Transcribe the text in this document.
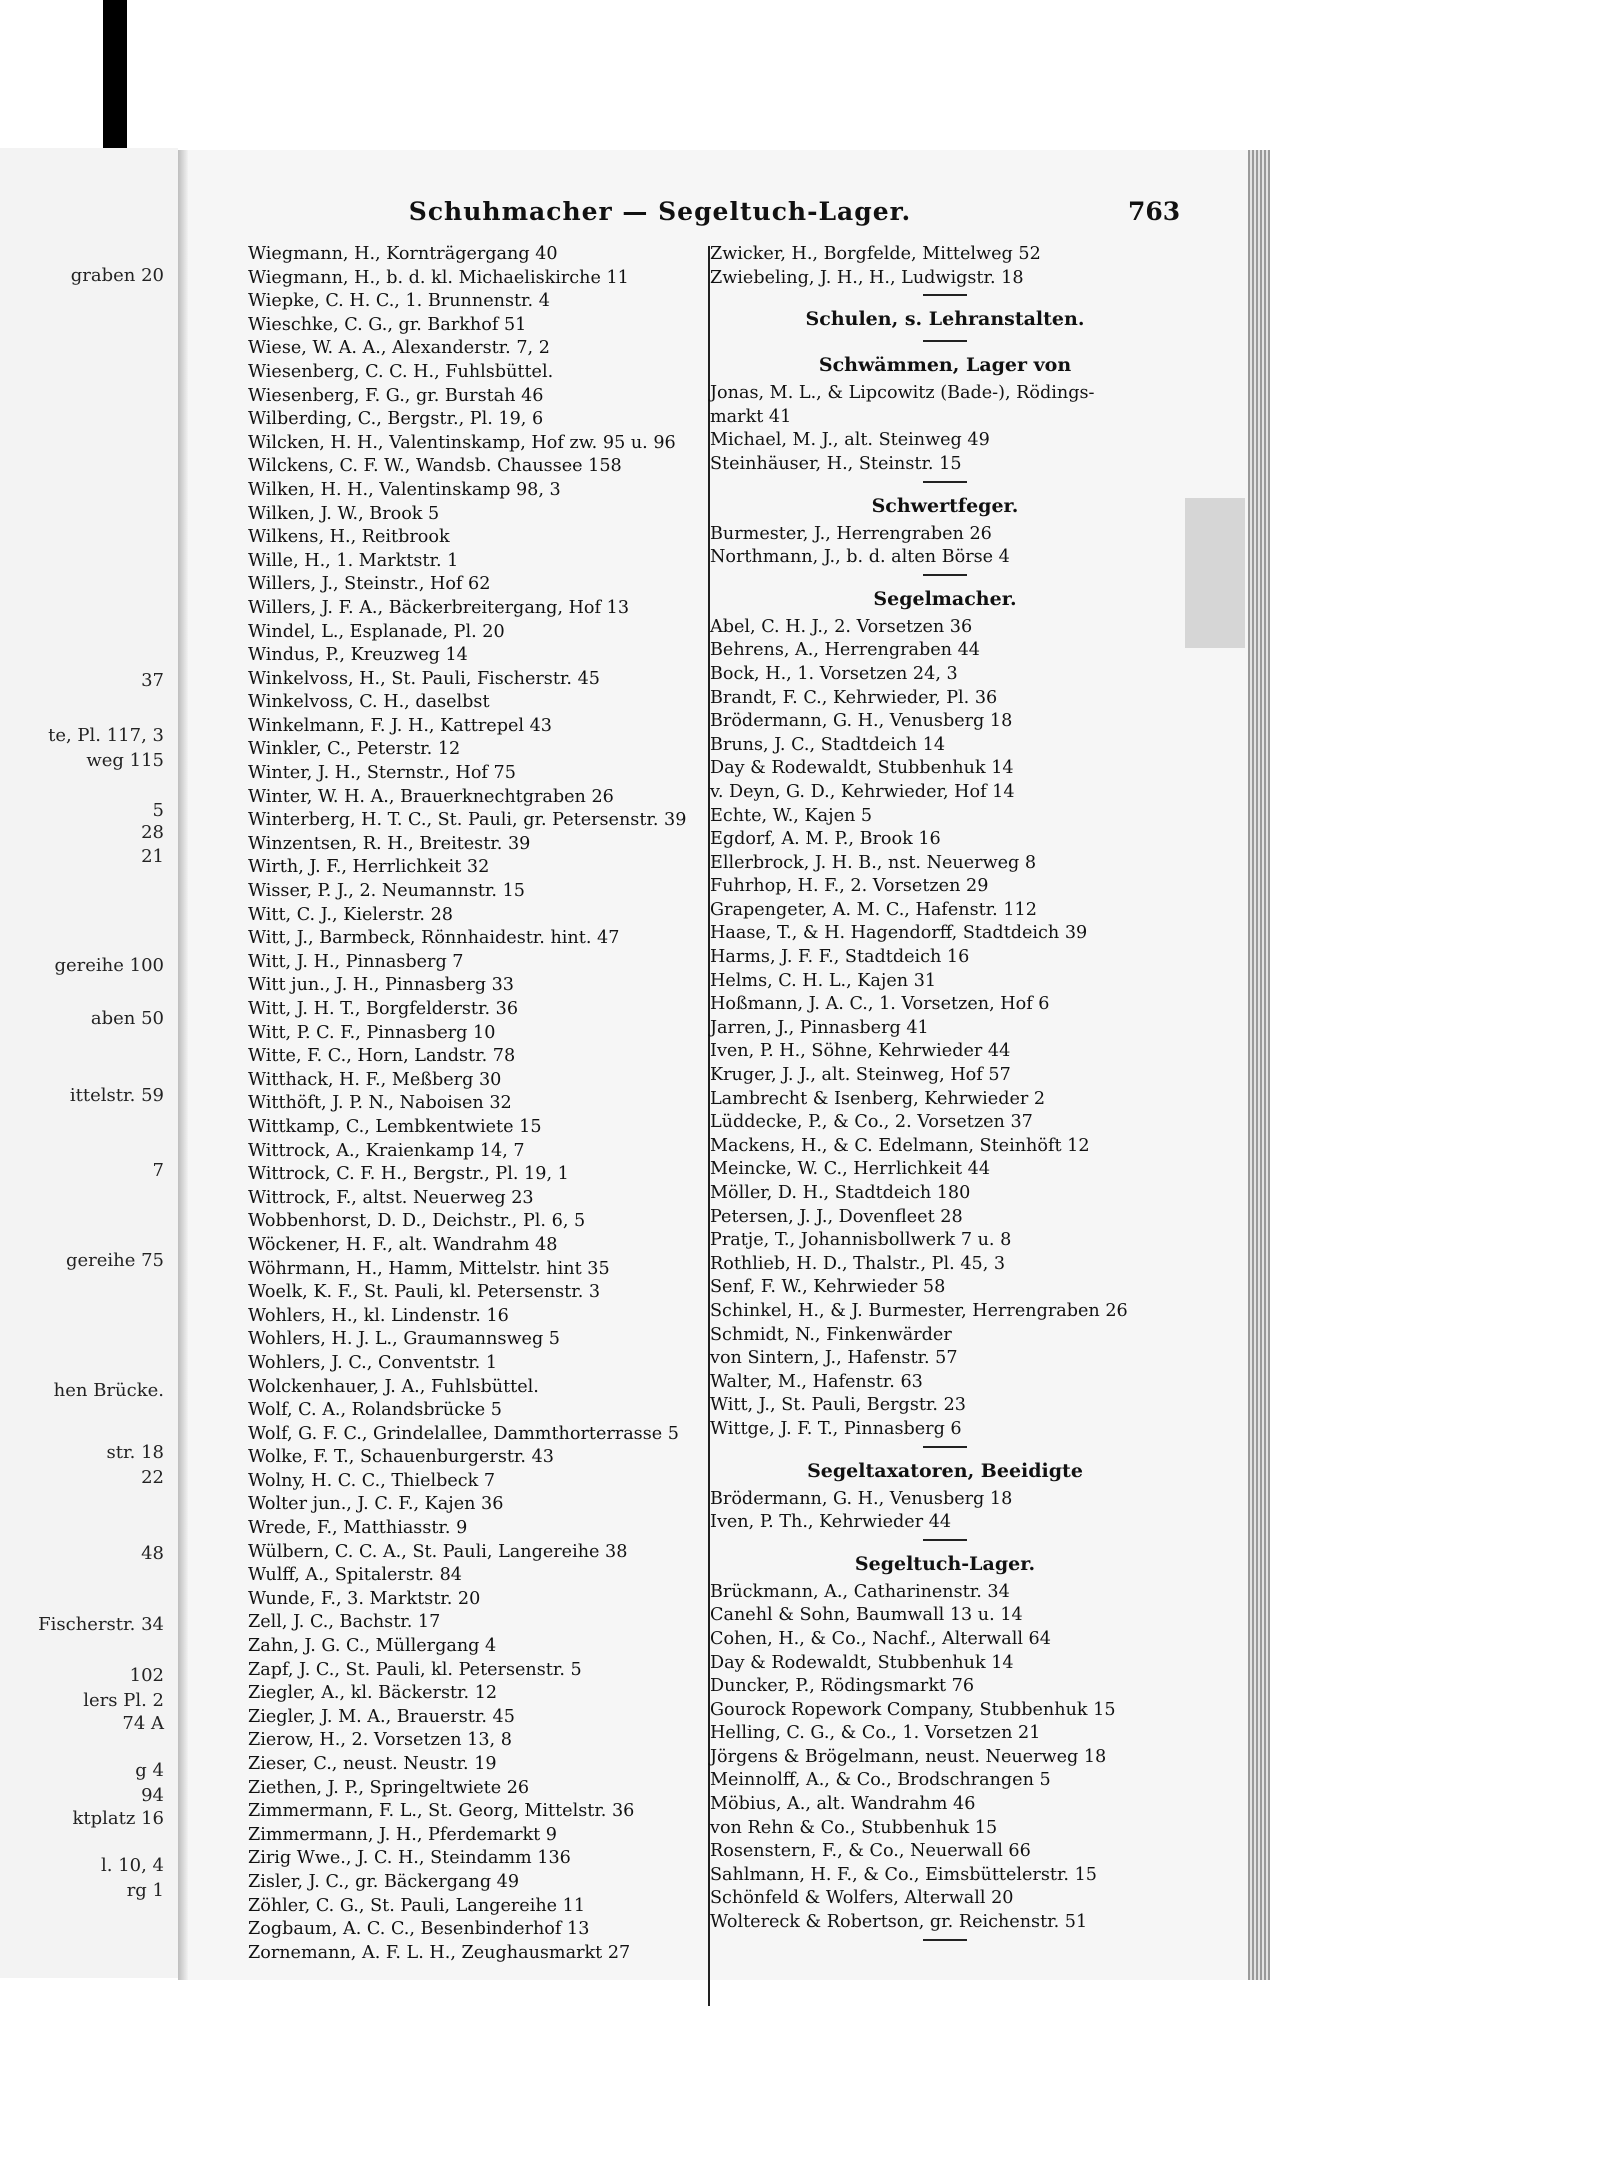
graben 20
37
te, Pl. 117, 3
weg 115
5
28
21
gereihe 100
aben 50
ittelstr. 59
7
gereihe 75
hen Brücke.
str. 18
22
48
Fischerstr. 34
102
lers Pl. 2
74 A
g 4
94
ktplatz 16
l. 10, 4
rg 1
Schuhmacher — Segeltuch-Lager.	763
Wiegmann, H., Kornträgergang 40
Wiegmann, H., b. d. kl. Michaeliskirche 11
Wiepke, C. H. C., 1. Brunnenstr. 4
Wieschke, C. G., gr. Barkhof 51
Wiese, W. A. A., Alexanderstr. 7, 2
Wiesenberg, C. C. H., Fuhlsbüttel.
Wiesenberg, F. G., gr. Burstah 46
Wilberding, C., Bergstr., Pl. 19, 6
Wilcken, H. H., Valentinskamp, Hof zw. 95 u. 96
Wilckens, C. F. W., Wandsb. Chaussee 158
Wilken, H. H., Valentinskamp 98, 3
Wilken, J. W., Brook 5
Wilkens, H., Reitbrook
Wille, H., 1. Marktstr. 1
Willers, J., Steinstr., Hof 62
Willers, J. F. A., Bäckerbreitergang, Hof 13
Windel, L., Esplanade, Pl. 20
Windus, P., Kreuzweg 14
Winkelvoss, H., St. Pauli, Fischerstr. 45
Winkelvoss, C. H., daselbst
Winkelmann, F. J. H., Kattrepel 43
Winkler, C., Peterstr. 12
Winter, J. H., Sternstr., Hof 75
Winter, W. H. A., Brauerknechtgraben 26
Winterberg, H. T. C., St. Pauli, gr. Petersenstr. 39
Winzentsen, R. H., Breitestr. 39
Wirth, J. F., Herrlichkeit 32
Wisser, P. J., 2. Neumannstr. 15
Witt, C. J., Kielerstr. 28
Witt, J., Barmbeck, Rönnhaidestr. hint. 47
Witt, J. H., Pinnasberg 7
Witt jun., J. H., Pinnasberg 33
Witt, J. H. T., Borgfelderstr. 36
Witt, P. C. F., Pinnasberg 10
Witte, F. C., Horn, Landstr. 78
Witthack, H. F., Meßberg 30
Witthöft, J. P. N., Naboisen 32
Wittkamp, C., Lembkentwiete 15
Wittrock, A., Kraienkamp 14, 7
Wittrock, C. F. H., Bergstr., Pl. 19, 1
Wittrock, F., altst. Neuerweg 23
Wobbenhorst, D. D., Deichstr., Pl. 6, 5
Wöckener, H. F., alt. Wandrahm 48
Wöhrmann, H., Hamm, Mittelstr. hint 35
Woelk, K. F., St. Pauli, kl. Petersenstr. 3
Wohlers, H., kl. Lindenstr. 16
Wohlers, H. J. L., Graumannsweg 5
Wohlers, J. C., Conventstr. 1
Wolckenhauer, J. A., Fuhlsbüttel.
Wolf, C. A., Rolandsbrücke 5
Wolf, G. F. C., Grindelallee, Dammthorterrasse 5
Wolke, F. T., Schauenburgerstr. 43
Wolny, H. C. C., Thielbeck 7
Wolter jun., J. C. F., Kajen 36
Wrede, F., Matthiasstr. 9
Wülbern, C. C. A., St. Pauli, Langereihe 38
Wulff, A., Spitalerstr. 84
Wunde, F., 3. Marktstr. 20
Zell, J. C., Bachstr. 17
Zahn, J. G. C., Müllergang 4
Zapf, J. C., St. Pauli, kl. Petersenstr. 5
Ziegler, A., kl. Bäckerstr. 12
Ziegler, J. M. A., Brauerstr. 45
Zierow, H., 2. Vorsetzen 13, 8
Zieser, C., neust. Neustr. 19
Ziethen, J. P., Springeltwiete 26
Zimmermann, F. L., St. Georg, Mittelstr. 36
Zimmermann, J. H., Pferdemarkt 9
Zirig Wwe., J. C. H., Steindamm 136
Zisler, J. C., gr. Bäckergang 49
Zöhler, C. G., St. Pauli, Langereihe 11
Zogbaum, A. C. C., Besenbinderhof 13
Zornemann, A. F. L. H., Zeughausmarkt 27
Zwicker, H., Borgfelde, Mittelweg 52
Zwiebeling, J. H., H., Ludwigstr. 18
Schulen, s. Lehranstalten.
Schwämmen, Lager von
Jonas, M. L., & Lipcowitz (Bade-), Rödings-
markt 41
Michael, M. J., alt. Steinweg 49
Steinhäuser, H., Steinstr. 15
Schwertfeger.
Burmester, J., Herrengraben 26
Northmann, J., b. d. alten Börse 4
Segelmacher.
Abel, C. H. J., 2. Vorsetzen 36
Behrens, A., Herrengraben 44
Bock, H., 1. Vorsetzen 24, 3
Brandt, F. C., Kehrwieder, Pl. 36
Brödermann, G. H., Venusberg 18
Bruns, J. C., Stadtdeich 14
Day & Rodewaldt, Stubbenhuk 14
v. Deyn, G. D., Kehrwieder, Hof 14
Echte, W., Kajen 5
Egdorf, A. M. P., Brook 16
Ellerbrock, J. H. B., nst. Neuerweg 8
Fuhrhop, H. F., 2. Vorsetzen 29
Grapengeter, A. M. C., Hafenstr. 112
Haase, T., & H. Hagendorff, Stadtdeich 39
Harms, J. F. F., Stadtdeich 16
Helms, C. H. L., Kajen 31
Hoßmann, J. A. C., 1. Vorsetzen, Hof 6
Jarren, J., Pinnasberg 41
Iven, P. H., Söhne, Kehrwieder 44
Kruger, J. J., alt. Steinweg, Hof 57
Lambrecht & Isenberg, Kehrwieder 2
Lüddecke, P., & Co., 2. Vorsetzen 37
Mackens, H., & C. Edelmann, Steinhöft 12
Meincke, W. C., Herrlichkeit 44
Möller, D. H., Stadtdeich 180
Petersen, J. J., Dovenfleet 28
Pratje, T., Johannisbollwerk 7 u. 8
Rothlieb, H. D., Thalstr., Pl. 45, 3
Senf, F. W., Kehrwieder 58
Schinkel, H., & J. Burmester, Herrengraben 26
Schmidt, N., Finkenwärder
von Sintern, J., Hafenstr. 57
Walter, M., Hafenstr. 63
Witt, J., St. Pauli, Bergstr. 23
Wittge, J. F. T., Pinnasberg 6
Segeltaxatoren, Beeidigte
Brödermann, G. H., Venusberg 18
Iven, P. Th., Kehrwieder 44
Segeltuch-Lager.
Brückmann, A., Catharinenstr. 34
Canehl & Sohn, Baumwall 13 u. 14
Cohen, H., & Co., Nachf., Alterwall 64
Day & Rodewaldt, Stubbenhuk 14
Duncker, P., Rödingsmarkt 76
Gourock Ropework Company, Stubbenhuk 15
Helling, C. G., & Co., 1. Vorsetzen 21
Jörgens & Brögelmann, neust. Neuerweg 18
Meinnolff, A., & Co., Brodschrangen 5
Möbius, A., alt. Wandrahm 46
von Rehn & Co., Stubbenhuk 15
Rosenstern, F., & Co., Neuerwall 66
Sahlmann, H. F., & Co., Eimsbüttelerstr. 15
Schönfeld & Wolfers, Alterwall 20
Woltereck & Robertson, gr. Reichenstr. 51
